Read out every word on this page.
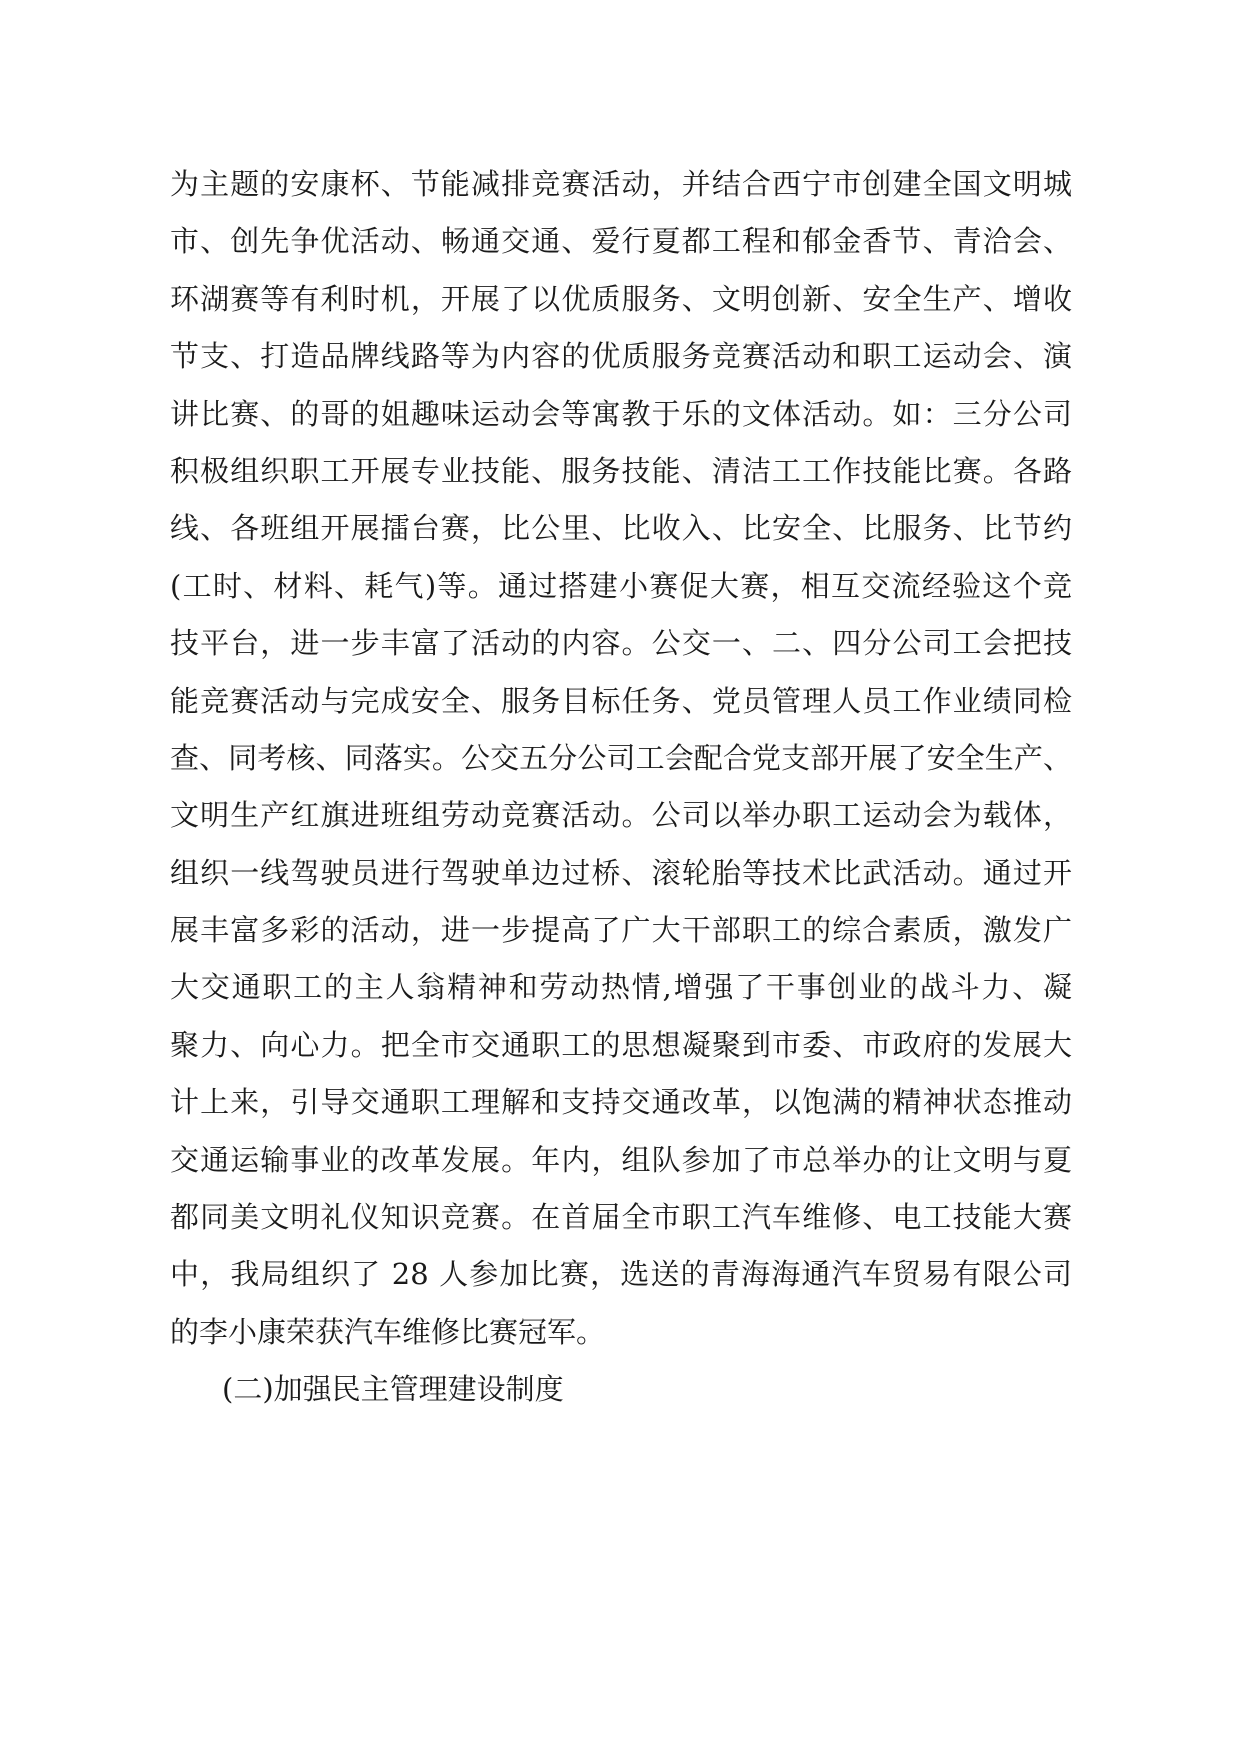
为主题的安康杯、节能减排竞赛活动，并结合西宁市创建全国文明城
市、创先争优活动、畅通交通、爱行夏都工程和郁金香节、青洽会、
环湖赛等有利时机，开展了以优质服务、文明创新、安全生产、增收
节支、打造品牌线路等为内容的优质服务竞赛活动和职工运动会、演
讲比赛、的哥的姐趣味运动会等寓教于乐的文体活动。如：三分公司
积极组织职工开展专业技能、服务技能、清洁工工作技能比赛。各路
线、各班组开展擂台赛，比公里、比收入、比安全、比服务、比节约
(工时、材料、耗气)等。通过搭建小赛促大赛，相互交流经验这个竞
技平台，进一步丰富了活动的内容。公交一、二、四分公司工会把技
能竞赛活动与完成安全、服务目标任务、党员管理人员工作业绩同检
查、同考核、同落实。公交五分公司工会配合党支部开展了安全生产、
文明生产红旗进班组劳动竞赛活动。公司以举办职工运动会为载体，
组织一线驾驶员进行驾驶单边过桥、滚轮胎等技术比武活动。通过开
展丰富多彩的活动，进一步提高了广大干部职工的综合素质，激发广
大交通职工的主人翁精神和劳动热情,增强了干事创业的战斗力、凝
聚力、向心力。把全市交通职工的思想凝聚到市委、市政府的发展大
计上来，引导交通职工理解和支持交通改革，以饱满的精神状态推动
交通运输事业的改革发展。年内，组队参加了市总举办的让文明与夏
都同美文明礼仪知识竞赛。在首届全市职工汽车维修、电工技能大赛
中，我局组织了 28 人参加比赛，选送的青海海通汽车贸易有限公司
的李小康荣获汽车维修比赛冠军。
(二)加强民主管理建设制度
